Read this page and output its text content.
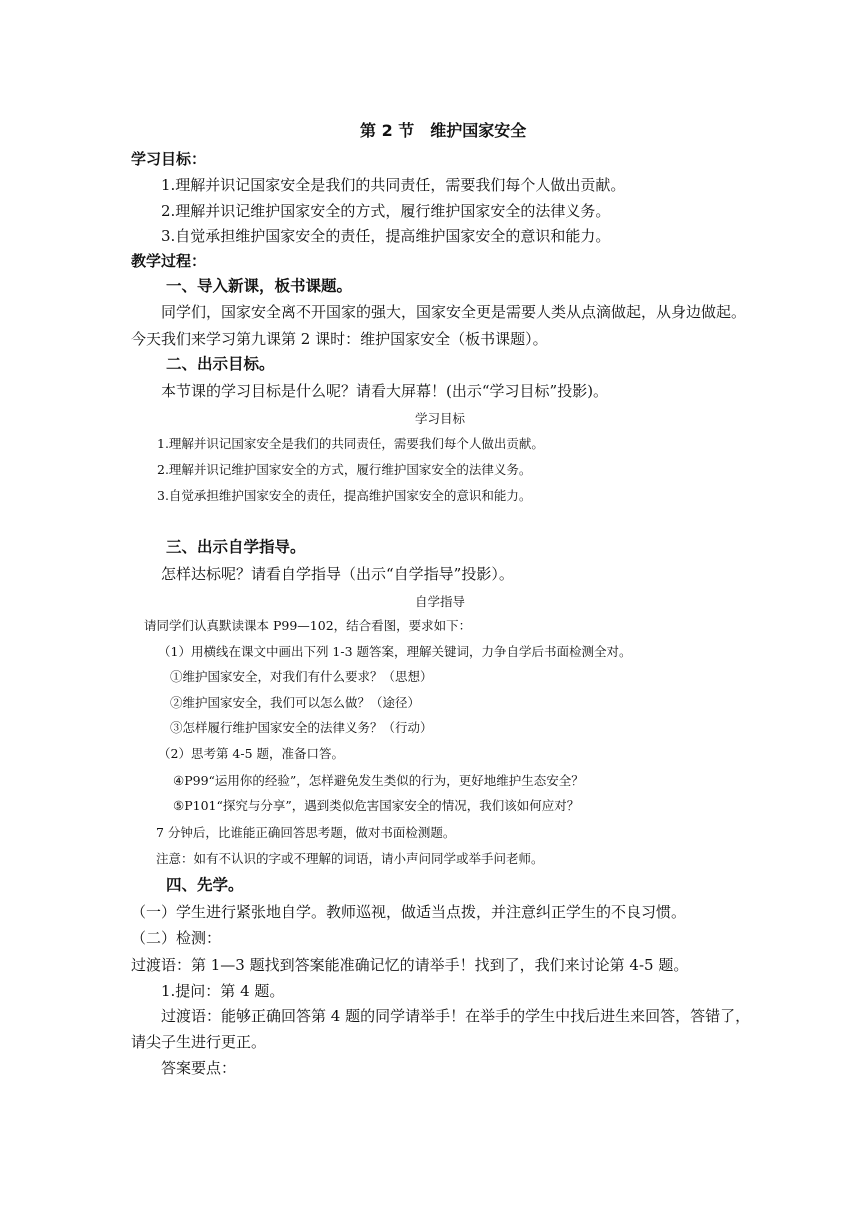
第 2 节　维护国家安全
学习目标：
1.理解并识记国家安全是我们的共同责任，需要我们每个人做出贡献。
2.理解并识记维护国家安全的方式，履行维护国家安全的法律义务。
3.自觉承担维护国家安全的责任，提高维护国家安全的意识和能力。
教学过程：
一、导入新课，板书课题。
同学们，国家安全离不开国家的强大，国家安全更是需要人类从点滴做起，从身边做起。
今天我们来学习第九课第 2 课时：维护国家安全（板书课题）。
二、出示目标。
本节课的学习目标是什么呢？请看大屏幕！(出示“学习目标”投影)。
学习目标
1.理解并识记国家安全是我们的共同责任，需要我们每个人做出贡献。
2.理解并识记维护国家安全的方式，履行维护国家安全的法律义务。
3.自觉承担维护国家安全的责任，提高维护国家安全的意识和能力。
三、出示自学指导。
怎样达标呢？请看自学指导（出示“自学指导”投影）。
自学指导
请同学们认真默读课本 P99—102，结合看图，要求如下：
（1）用横线在课文中画出下列 1-3 题答案，理解关键词，力争自学后书面检测全对。
①维护国家安全，对我们有什么要求？（思想）
②维护国家安全，我们可以怎么做？（途径）
③怎样履行维护国家安全的法律义务？（行动）
（2）思考第 4-5 题，准备口答。
④P99“运用你的经验”，怎样避免发生类似的行为，更好地维护生态安全？
⑤P101“探究与分享”，遇到类似危害国家安全的情况，我们该如何应对？
7 分钟后，比谁能正确回答思考题，做对书面检测题。
注意：如有不认识的字或不理解的词语，请小声问同学或举手问老师。
四、先学。
（一）学生进行紧张地自学。教师巡视，做适当点拨，并注意纠正学生的不良习惯。
（二）检测：
过渡语：第 1—3 题找到答案能准确记忆的请举手！找到了，我们来讨论第 4-5 题。
1.提问：第 4 题。
过渡语：能够正确回答第 4 题的同学请举手！在举手的学生中找后进生来回答，答错了，
请尖子生进行更正。
答案要点：
